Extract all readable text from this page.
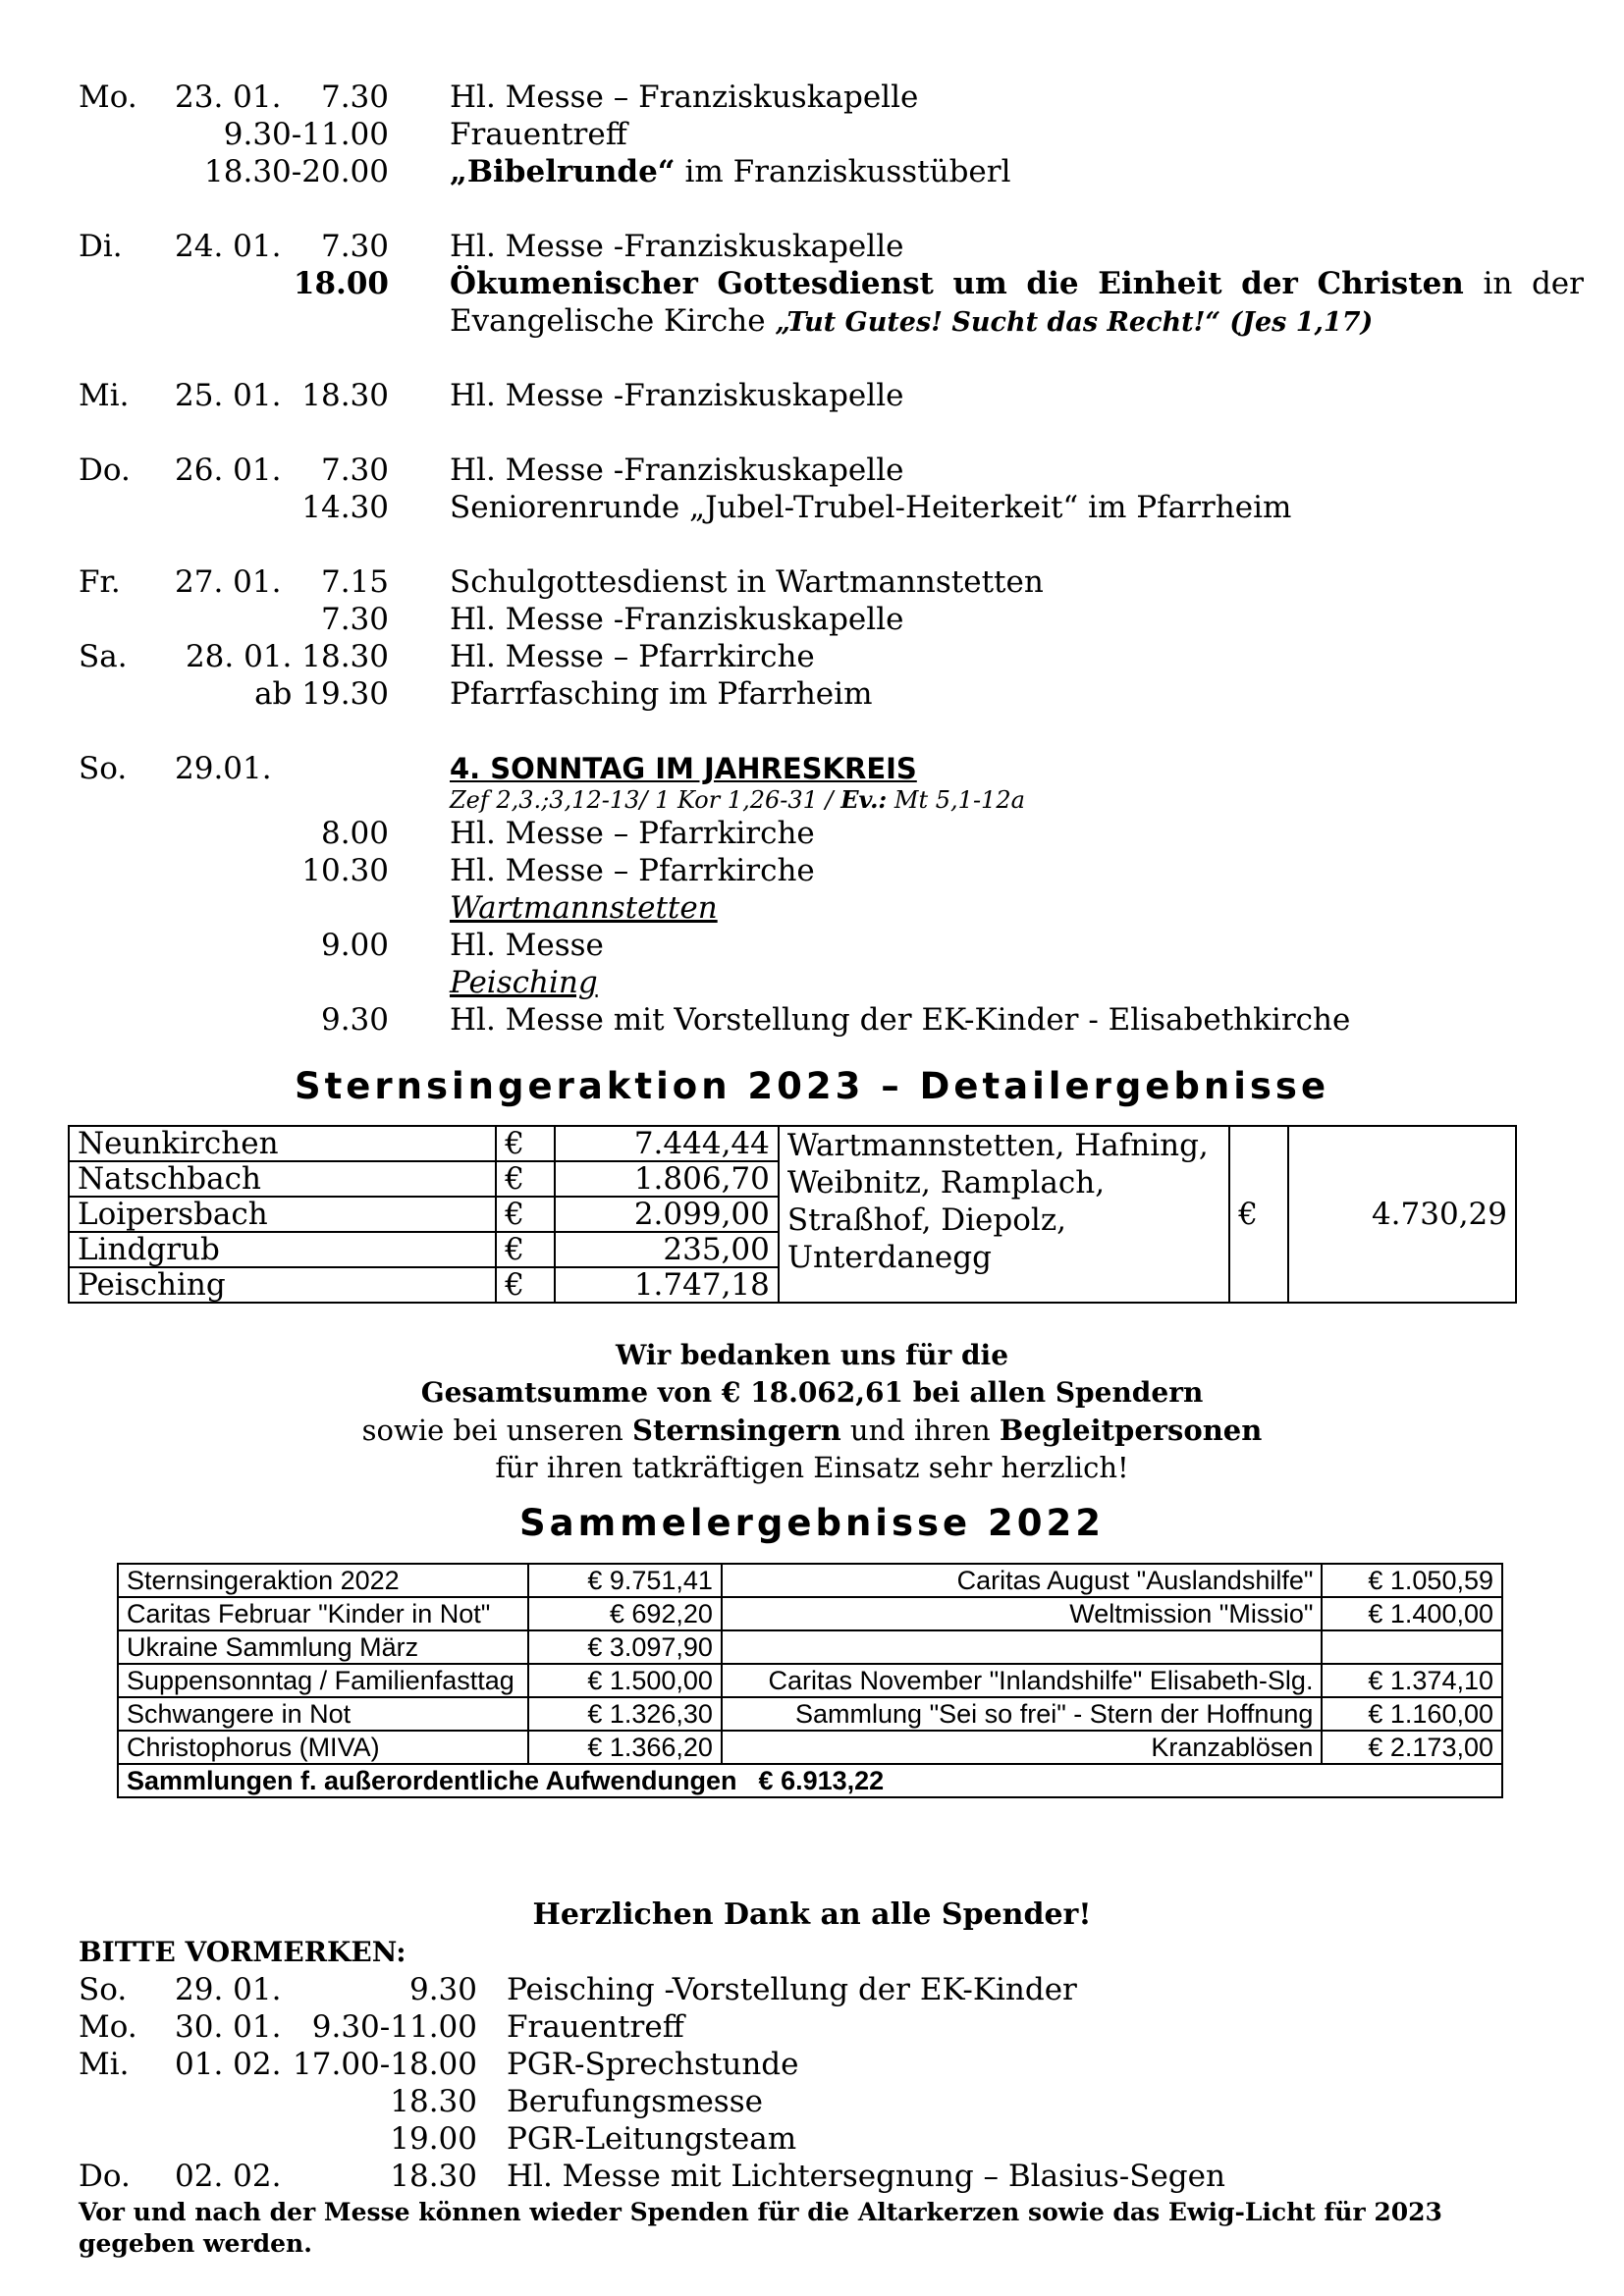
Mo. 23. 01. 7.30 Hl. Messe – Franziskuskapelle
9.30-11.00 Frauentreff
18.30-20.00 „Bibelrunde“ im Franziskusstüberl
Di. 24. 01. 7.30 Hl. Messe -Franziskuskapelle
18.00 Ökumenischer Gottesdienst um die Einheit der Christen in der
Evangelische Kirche „Tut Gutes! Sucht das Recht!“ (Jes 1,17)
Mi. 25. 01. 18.30 Hl. Messe -Franziskuskapelle
Do. 26. 01. 7.30 Hl. Messe -Franziskuskapelle
14.30 Seniorenrunde „Jubel-Trubel-Heiterkeit“ im Pfarrheim
Fr. 27. 01. 7.15 Schulgottesdienst in Wartmannstetten
7.30 Hl. Messe -Franziskuskapelle
Sa. 28. 01. 18.30 Hl. Messe – Pfarrkirche
ab 19.30 Pfarrfasching im Pfarrheim
So. 29.01.	4. SONNTAG IM JAHRESKREIS
Zef 2,3.;3,12-13/ 1 Kor 1,26-31 / Ev.: Mt 5,1-12a
8.00 Hl. Messe – Pfarrkirche
10.30 Hl. Messe – Pfarrkirche
Wartmannstetten
9.00 Hl. Messe
Peisching
9.30 Hl. Messe mit Vorstellung der EK-Kinder - Elisabethkirche
Sternsingeraktion 2023 – Detailergebnisse
Neunkirchen	€	7.444,44	Wartmannstetten, Hafning,
Weibnitz, Ramplach,
Straßhof, Diepolz,
Unterdanegg	€	4.730,29
Natschbach	€	1.806,70			
Loipersbach	€	2.099,00			
Lindgrub	€	235,00			
Peisching	€	1.747,18			
Wir bedanken uns für die
Gesamtsumme von € 18.062,61 bei allen Spendern
sowie bei unseren Sternsingern und ihren Begleitpersonen
für ihren tatkräftigen Einsatz sehr herzlich!
Sammelergebnisse 2022
Sternsingeraktion 2022	€ 9.751,41	Caritas August "Auslandshilfe"	€ 1.050,59
Caritas Februar "Kinder in Not"	€ 692,20	Weltmission "Missio"	€ 1.400,00
Ukraine Sammlung März	€ 3.097,90		
Suppensonntag / Familienfasttag	€ 1.500,00	Caritas November "Inlandshilfe" Elisabeth-Slg.	€ 1.374,10
Schwangere in Not	€ 1.326,30	Sammlung "Sei so frei" - Stern der Hoffnung	€ 1.160,00
Christophorus (MIVA)	€ 1.366,20	Kranzablösen	€ 2.173,00
Sammlungen f. außerordentliche Aufwendungen € 6.913,22			
Herzlichen Dank an alle Spender!
BITTE VORMERKEN:
So. 29. 01.	9.30 Peisching -Vorstellung der EK-Kinder
Mo. 30. 01. 9.30-11.00 Frauentreff
Mi. 01. 02. 17.00-18.00 PGR-Sprechstunde
18.30 Berufungsmesse
19.00 PGR-Leitungsteam
Do. 02. 02.	18.30 Hl. Messe mit Lichtersegnung – Blasius-Segen
Vor und nach der Messe können wieder Spenden für die Altarkerzen sowie das Ewig-Licht für 2023 gegeben werden.
